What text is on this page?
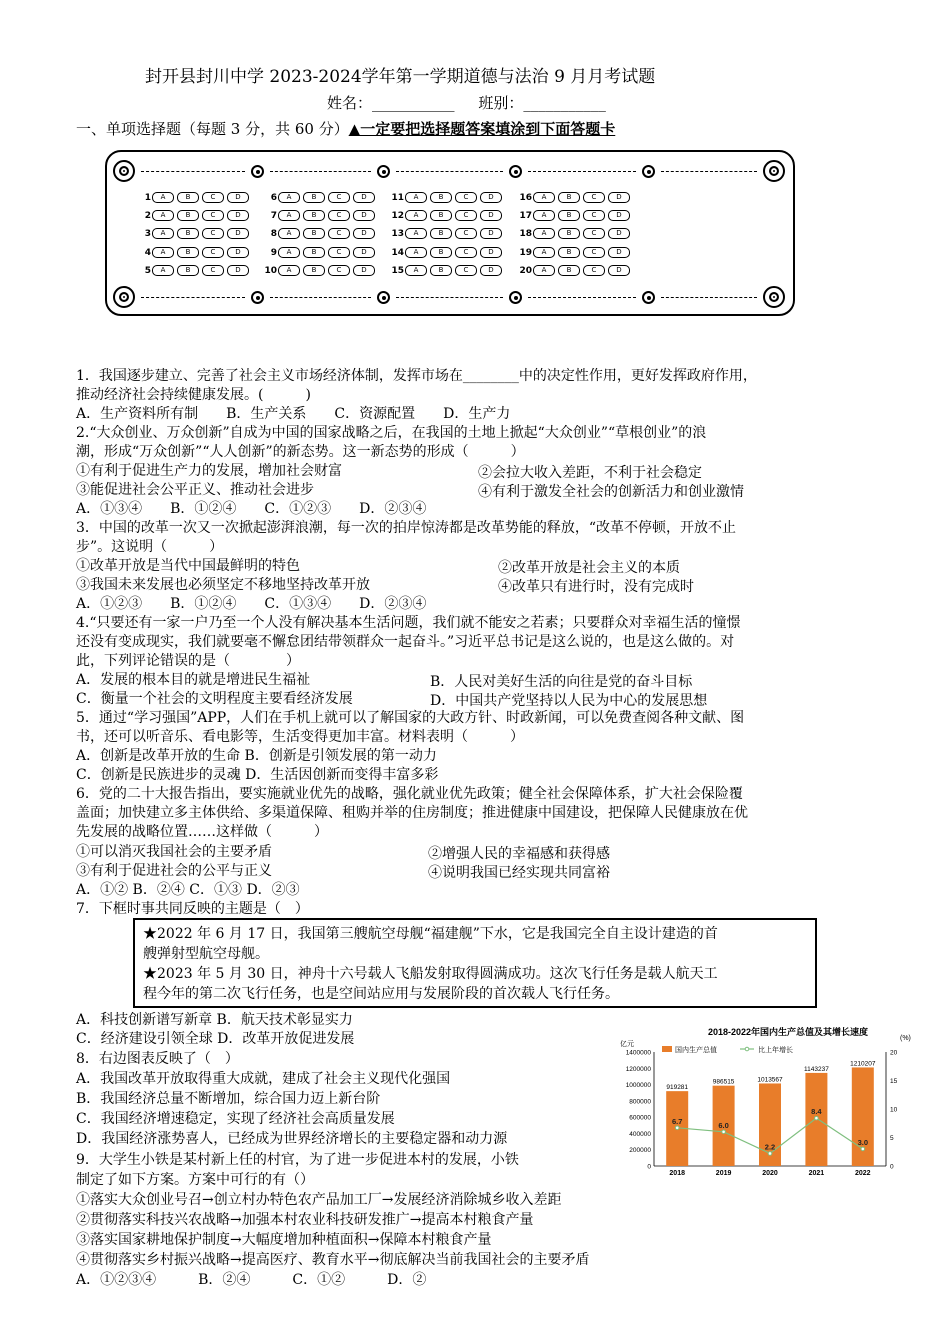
封开县封川中学 2023-2024学年第一学期道德与法治 9 月月考试题
姓名：___________ 班别：___________
一、单项选择题（每题 3 分，共 60 分）▲一定要把选择题答案填涂到下面答题卡
1 A	B	C	D
2 A	B	C	D
3 A	B	C	D
4 A	B	C	D
5 A	B	C	D
6 A	B	C	D
7 A	B	C	D
8 A	B	C	D
9 A	B	C	D
10 A	B	C	D
11 A	B	C	D
12 A	B	C	D
13 A	B	C	D
14 A	B	C	D
15 A	B	C	D
16 A	B	C	D
17 A	B	C	D
18 A	B	C	D
19 A	B	C	D
20 A	B	C	D
1．我国逐步建立、完善了社会主义市场经济体制，发挥市场在________中的决定性作用，更好发挥政府作用，
推动经济社会持续健康发展。(　　　)
A．生产资料所有制　　B．生产关系　　C．资源配置　　D．生产力
2.“大众创业、万众创新”自成为中国的国家战略之后，在我国的土地上掀起“大众创业”“草根创业”的浪
潮，形成“万众创新”“人人创新”的新态势。这一新态势的形成（　　　）
①有利于促进生产力的发展，增加社会财富	②会拉大收入差距，不利于社会稳定
③能促进社会公平正义、推动社会进步	④有利于激发全社会的创新活力和创业激情
A．①③④　　B．①②④　　C．①②③　　D．②③④
3．中国的改革一次又一次掀起澎湃浪潮，每一次的拍岸惊涛都是改革势能的释放，“改革不停顿，开放不止
步”。这说明（　　　）
①改革开放是当代中国最鲜明的特色	②改革开放是社会主义的本质
③我国未来发展也必须坚定不移地坚持改革开放	④改革只有进行时，没有完成时
A．①②③　　B．①②④　　C．①③④　　D．②③④
4.“只要还有一家一户乃至一个人没有解决基本生活问题，我们就不能安之若素；只要群众对幸福生活的憧憬
还没有变成现实，我们就要毫不懈怠团结带领群众一起奋斗。”习近平总书记是这么说的，也是这么做的。对
此，下列评论错误的是（　　　　）
A．发展的根本目的就是增进民生福祉	B．人民对美好生活的向往是党的奋斗目标
C．衡量一个社会的文明程度主要看经济发展	D．中国共产党坚持以人民为中心的发展思想
5．通过“学习强国”APP，人们在手机上就可以了解国家的大政方针、时政新闻，可以免费查阅各种文献、图
书，还可以听音乐、看电影等，生活变得更加丰富。材料表明（　　　）
A．创新是改革开放的生命 B．创新是引领发展的第一动力
C．创新是民族进步的灵魂 D．生活因创新而变得丰富多彩
6．党的二十大报告指出，要实施就业优先的战略，强化就业优先政策；健全社会保障体系，扩大社会保险覆
盖面；加快建立多主体供给、多渠道保障、租购并举的住房制度；推进健康中国建设，把保障人民健康放在优
先发展的战略位置……这样做（　　　）
①可以消灭我国社会的主要矛盾	②增强人民的幸福感和获得感
③有利于促进社会的公平与正义	④说明我国已经实现共同富裕
A．①② B．②④ C．①③ D．②③
7．下框时事共同反映的主题是（　）
★2022 年 6 月 17 日，我国第三艘航空母舰“福建舰”下水，它是我国完全自主设计建造的首
艘弹射型航空母舰。
★2023 年 5 月 30 日，神舟十六号载人飞船发射取得圆满成功。这次飞行任务是载人航天工
程今年的第二次飞行任务，也是空间站应用与发展阶段的首次载人飞行任务。
A．科技创新谱写新章 B．航天技术彰显实力
C．经济建设引领全球 D．改革开放促进发展
8．右边图表反映了（　）
A．我国改革开放取得重大成就，建成了社会主义现代化强国
B．我国经济总量不断增加，综合国力迈上新台阶
C．我国经济增速稳定，实现了经济社会高质量发展
D．我国经济涨势喜人，已经成为世界经济增长的主要稳定器和动力源
9．大学生小铁是某村新上任的村官，为了进一步促进本村的发展，小铁
制定了如下方案。方案中可行的有（）
①落实大众创业号召→创立村办特色农产品加工厂→发展经济消除城乡收入差距
②贯彻落实科技兴农战略→加强本村农业科技研发推广→提高本村粮食产量
③落实国家耕地保护制度→大幅度增加种植面积→保障本村粮食产量
④贯彻落实乡村振兴战略→提高医疗、教育水平→彻底解决当前我国社会的主要矛盾
A．①②③④　　　B．②④　　　C．①②　　　D．②
2018-2022年国内生产总值及其增长速度
亿元
(%)
1400000
1200000
1000000
800000
600000
400000
200000
0
20
15
10
5
0
国内生产总值	比上年增长
919281
2018
986515
2019
1013567
2020
1143237
2021
1210207
2022
6.7	6.0
2.2
8.4
3.0
